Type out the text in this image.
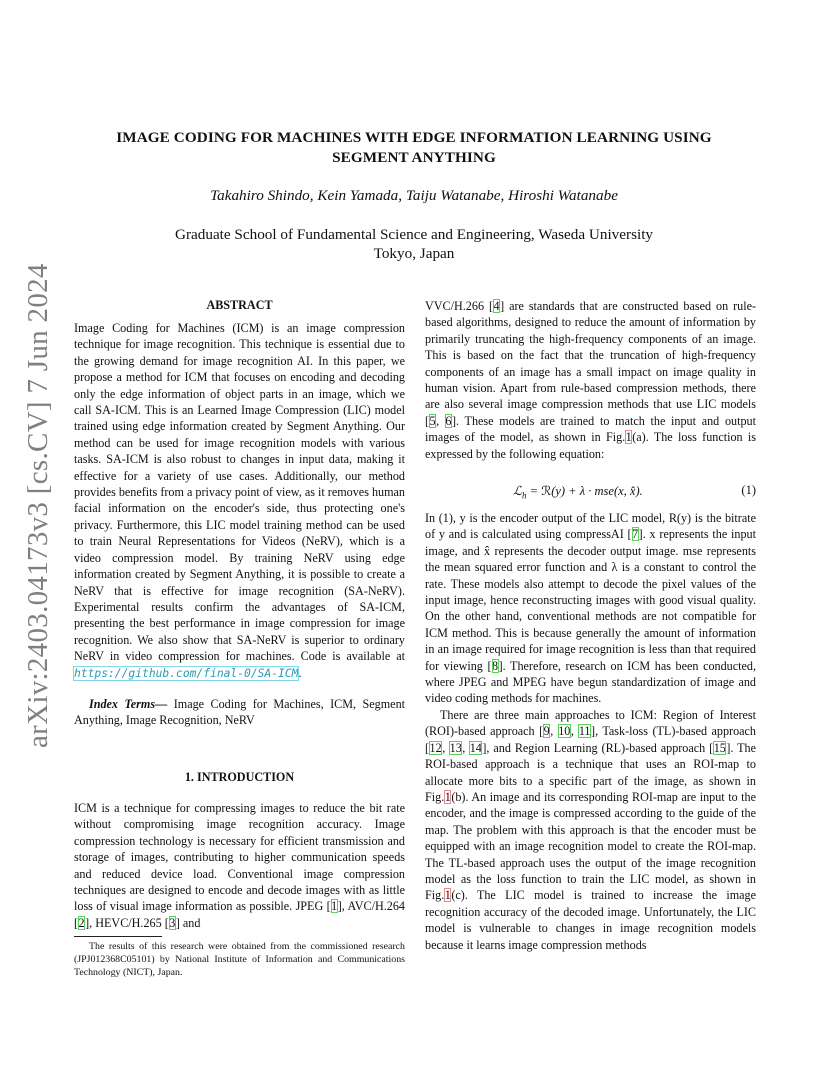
arXiv:2403.04173v3 [cs.CV] 7 Jun 2024
IMAGE CODING FOR MACHINES WITH EDGE INFORMATION LEARNING USING
SEGMENT ANYTHING
Takahiro Shindo, Kein Yamada, Taiju Watanabe, Hiroshi Watanabe
Graduate School of Fundamental Science and Engineering, Waseda University
Tokyo, Japan
ABSTRACT

Image Coding for Machines (ICM) is an image compression technique for image recognition. This technique is essential due to the growing demand for image recognition AI. In this paper, we propose a method for ICM that focuses on encoding and decoding only the edge information of object parts in an image, which we call SA-ICM. This is an Learned Image Compression (LIC) model trained using edge information created by Segment Anything. Our method can be used for image recognition models with various tasks. SA-ICM is also robust to changes in input data, making it effective for a variety of use cases. Additionally, our method provides benefits from a privacy point of view, as it removes human facial information on the encoder's side, thus protecting one's privacy. Furthermore, this LIC model training method can be used to train Neural Representations for Videos (NeRV), which is a video compression model. By training NeRV using edge information created by Segment Anything, it is possible to create a NeRV that is effective for image recognition (SA-NeRV). Experimental results confirm the advantages of SA-ICM, presenting the best performance in image compression for image recognition. We also show that SA-NeRV is superior to ordinary NeRV in video compression for machines. Code is available at https://github.com/final-0/SA-ICM.

Index Terms— Image Coding for Machines, ICM, Segment Anything, Image Recognition, NeRV

1. INTRODUCTION

ICM is a technique for compressing images to reduce the bit rate without compromising image recognition accuracy. Image compression technology is necessary for efficient transmission and storage of images, contributing to higher communication speeds and reduced device load. Conventional image compression techniques are designed to encode and decode images with as little loss of visual image information as possible. JPEG [1], AVC/H.264 [2], HEVC/H.265 [3] and

The results of this research were obtained from the commissioned research (JPJ012368C05101) by National Institute of Information and Communications Technology (NICT), Japan.

VVC/H.266 [4] are standards that are constructed based on rule-based algorithms, designed to reduce the amount of information by primarily truncating the high-frequency components of an image. This is based on the fact that the truncation of high-frequency components of an image has a small impact on image quality in human vision. Apart from rule-based compression methods, there are also several image compression methods that use LIC models [5, 6]. These models are trained to match the input and output images of the model, as shown in Fig.1(a). The loss function is expressed by the following equation:

ℒ$_h$ = ℛ(y) + λ · mse(x, x̂).	(1)

In (1), y is the encoder output of the LIC model, R(y) is the bitrate of y and is calculated using compressAI [7]. x represents the input image, and x̂ represents the decoder output image. mse represents the mean squared error function and λ is a constant to control the rate. These models also attempt to decode the pixel values of the input image, hence reconstructing images with good visual quality. On the other hand, conventional methods are not compatible for ICM method. This is because generally the amount of information in an image required for image recognition is less than that required for viewing [8]. Therefore, research on ICM has been conducted, where JPEG and MPEG have begun standardization of image and video coding methods for machines.

There are three main approaches to ICM: Region of Interest (ROI)-based approach [9, 10, 11], Task-loss (TL)-based approach [12, 13, 14], and Region Learning (RL)-based approach [15]. The ROI-based approach is a technique that uses an ROI-map to allocate more bits to a specific part of the image, as shown in Fig.1(b). An image and its corresponding ROI-map are input to the encoder, and the image is compressed according to the guide of the map. The problem with this approach is that the encoder must be equipped with an image recognition model to create the ROI-map. The TL-based approach uses the output of the image recognition model as the loss function to train the LIC model, as shown in Fig.1(c). The LIC model is trained to increase the image recognition accuracy of the decoded image. Unfortunately, the LIC model is vulnerable to changes in image recognition models because it learns image compression methods
